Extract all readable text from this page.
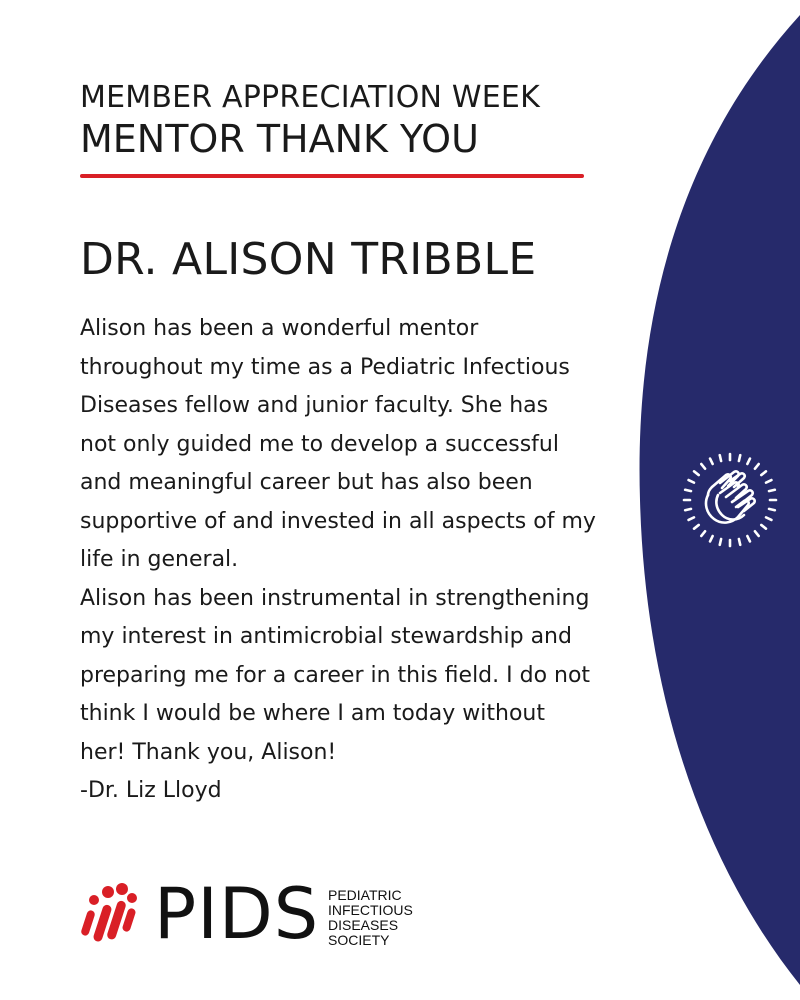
MEMBER APPRECIATION WEEK
MENTOR THANK YOU
DR. ALISON TRIBBLE
Alison has been a wonderful mentor
throughout my time as a Pediatric Infectious
Diseases fellow and junior faculty. She has
not only guided me to develop a successful
and meaningful career but has also been
supportive of and invested in all aspects of my
life in general.
Alison has been instrumental in strengthening
my interest in antimicrobial stewardship and
preparing me for a career in this field. I do not
think I would be where I am today without
her! Thank you, Alison!
-Dr. Liz Lloyd
PIDS PEDIATRIC
INFECTIOUS
DISEASES
SOCIETY
